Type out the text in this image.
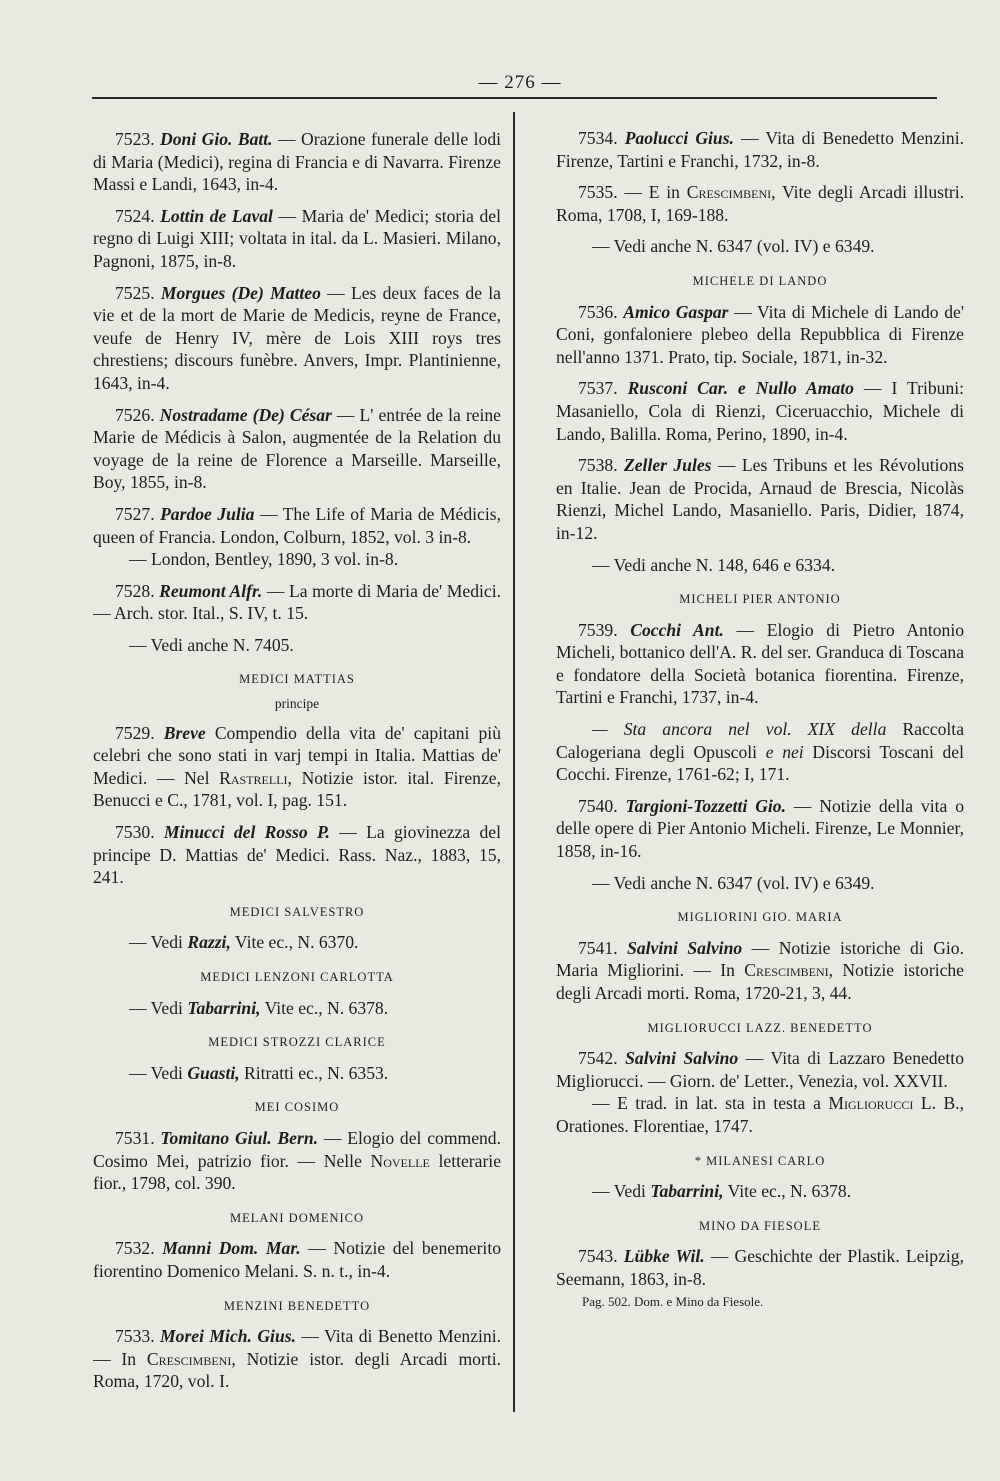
— 276 —

7523. Doni Gio. Batt. — Orazione funerale delle lodi di Maria (Medici), regina di Francia e di Navarra. Firenze Massi e Landi, 1643, in-4.

7524. Lottin de Laval — Maria de' Medici; storia del regno di Luigi XIII; voltata in ital. da L. Masieri. Milano, Pagnoni, 1875, in-8.

7525. Morgues (De) Matteo — Les deux faces de la vie et de la mort de Marie de Medicis, reyne de France, veufe de Henry IV, mère de Lois XIII roys tres chrestiens; discours funèbre. Anvers, Impr. Plantinienne, 1643, in-4.

7526. Nostradame (De) César — L' entrée de la reine Marie de Médicis à Salon, augmentée de la Relation du voyage de la reine de Florence a Marseille. Marseille, Boy, 1855, in-8.

7527. Pardoe Julia — The Life of Maria de Médicis, queen of Francia. London, Colburn, 1852, vol. 3 in-8.

— London, Bentley, 1890, 3 vol. in-8.

7528. Reumont Alfr. — La morte di Maria de' Medici. — Arch. stor. Ital., S. IV, t. 15.

— Vedi anche N. 7405.

MEDICI MATTIAS
principe

7529. Breve Compendio della vita de' capitani più celebri che sono stati in varj tempi in Italia. Mattias de' Medici. — Nel Rastrelli, Notizie istor. ital. Firenze, Benucci e C., 1781, vol. I, pag. 151.

7530. Minucci del Rosso P. — La giovinezza del principe D. Mattias de' Medici. Rass. Naz., 1883, 15, 241.

MEDICI SALVESTRO

— Vedi Razzi, Vite ec., N. 6370.

MEDICI LENZONI CARLOTTA

— Vedi Tabarrini, Vite ec., N. 6378.

MEDICI STROZZI CLARICE

— Vedi Guasti, Ritratti ec., N. 6353.

MEI COSIMO

7531. Tomitano Giul. Bern. — Elogio del commend. Cosimo Mei, patrizio fior. — Nelle Novelle letterarie fior., 1798, col. 390.

MELANI DOMENICO

7532. Manni Dom. Mar. — Notizie del benemerito fiorentino Domenico Melani. S. n. t., in-4.

MENZINI BENEDETTO

7533. Morei Mich. Gius. — Vita di Benetto Menzini. — In Crescimbeni, Notizie istor. degli Arcadi morti. Roma, 1720, vol. I.

7534. Paolucci Gius. — Vita di Benedetto Menzini. Firenze, Tartini e Franchi, 1732, in-8.

7535. — E in Crescimbeni, Vite degli Arcadi illustri. Roma, 1708, I, 169-188.

— Vedi anche N. 6347 (vol. IV) e 6349.

MICHELE DI LANDO

7536. Amico Gaspar — Vita di Michele di Lando de' Coni, gonfaloniere plebeo della Repubblica di Firenze nell'anno 1371. Prato, tip. Sociale, 1871, in-32.

7537. Rusconi Car. e Nullo Amato — I Tribuni: Masaniello, Cola di Rienzi, Ciceruacchio, Michele di Lando, Balilla. Roma, Perino, 1890, in-4.

7538. Zeller Jules — Les Tribuns et les Révolutions en Italie. Jean de Procida, Arnaud de Brescia, Nicolàs Rienzi, Michel Lando, Masaniello. Paris, Didier, 1874, in-12.

— Vedi anche N. 148, 646 e 6334.

MICHELI PIER ANTONIO

7539. Cocchi Ant. — Elogio di Pietro Antonio Micheli, bottanico dell'A. R. del ser. Granduca di Toscana e fondatore della Società botanica fiorentina. Firenze, Tartini e Franchi, 1737, in-4.

— Sta ancora nel vol. XIX della Raccolta Calogeriana degli Opuscoli e nei Discorsi Toscani del Cocchi. Firenze, 1761-62; I, 171.

7540. Targioni-Tozzetti Gio. — Notizie della vita o delle opere di Pier Antonio Micheli. Firenze, Le Monnier, 1858, in-16.

— Vedi anche N. 6347 (vol. IV) e 6349.

MIGLIORINI GIO. MARIA

7541. Salvini Salvino — Notizie istoriche di Gio. Maria Migliorini. — In Crescimbeni, Notizie istoriche degli Arcadi morti. Roma, 1720-21, 3, 44.

MIGLIORUCCI LAZZ. BENEDETTO

7542. Salvini Salvino — Vita di Lazzaro Benedetto Migliorucci. — Giorn. de' Letter., Venezia, vol. XXVII.

— E trad. in lat. sta in testa a Migliorucci L. B., Orationes. Florentiae, 1747.

* MILANESI CARLO

— Vedi Tabarrini, Vite ec., N. 6378.

MINO DA FIESOLE

7543. Lübke Wil. — Geschichte der Plastik. Leipzig, Seemann, 1863, in-8.

Pag. 502. Dom. e Mino da Fiesole.
